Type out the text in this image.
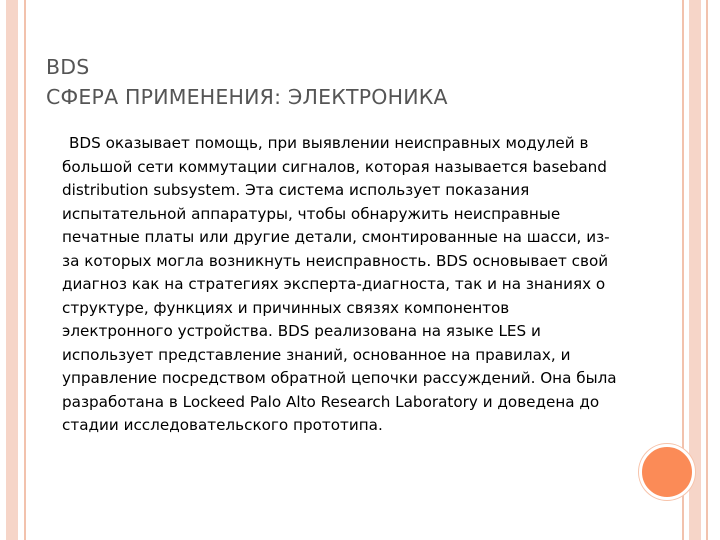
BDS
СФЕРА ПРИМЕНЕНИЯ: ЭЛЕКТРОНИКА

BDS оказывает помощь, при выявлении неисправных модулей в большой сети коммутации сигналов, которая называется baseband distribution subsystem. Эта система использует показания испытательной аппаратуры, чтобы обнаружить неисправные печатные платы или другие детали, смонтированные на шасси, из-за которых могла возникнуть неисправность. BDS основывает свой диагноз как на стратегиях эксперта-диагноста, так и на знаниях о структуре, функциях и причинных связях компонентов электронного устройства. BDS реализована на языке LES и использует представление знаний, основанное на правилах, и управление посредством обратной цепочки рассуждений. Она была разработана в Lockeed Palo Alto Research Laboratory и доведена до стадии исследовательского прототипа.
